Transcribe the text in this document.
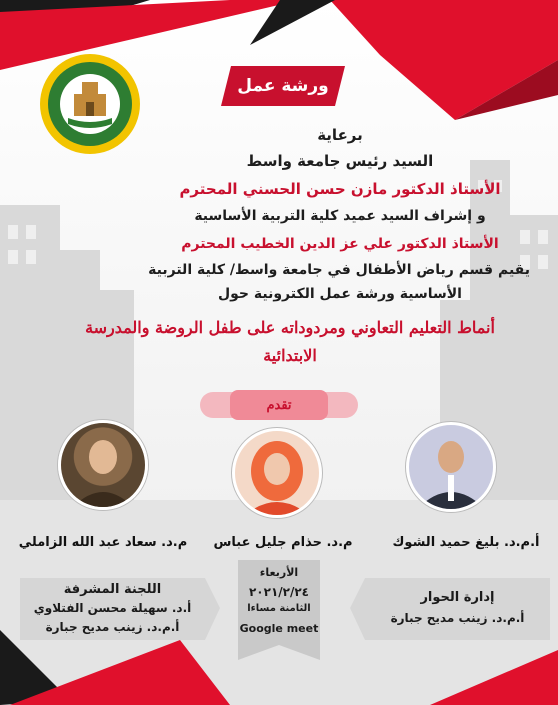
ورشة عمل
برعاية
السيد رئيس جامعة واسط
الأستاذ الدكتور مازن حسن الحسني المحترم
و إشراف السيد عميد كلية التربية الأساسية
الأستاذ الدكتور علي عز الدين الخطيب المحترم
يقيم قسم رياض الأطفال في جامعة واسط/ كلية التربية
الأساسية ورشة عمل الكترونية حول
أنماط التعليم التعاوني ومردوداته على طفل الروضة والمدرسة
الابتدائية
تقدم
م.د. سعاد عبد الله الزاملي	م.د. حذام جليل عباس	أ.م.د. بليغ حميد الشوك
اللجنة المشرفة
أ.د. سهيلة محسن الفتلاوي
أ.م.د. زينب مديح جبارة
الأربعاء
٢٠٢١/٢/٢٤
الثامنة مساءا
Google meet
إدارة الحوار
أ.م.د. زينب مديح جبارة
